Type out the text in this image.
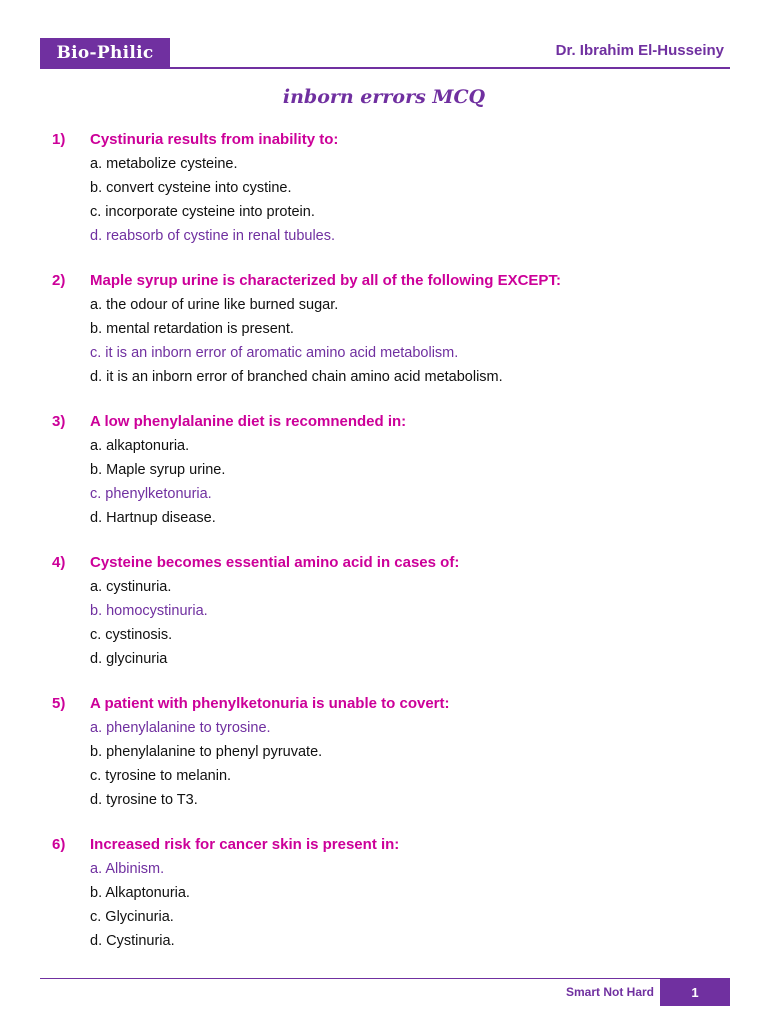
Bio-Philic	Dr. Ibrahim El-Husseiny
inborn errors MCQ
1)	Cystinuria results from inability to:
a. metabolize cysteine.
b. convert cysteine into cystine.
c. incorporate cysteine into protein.
d. reabsorb of cystine in renal tubules.
2)	Maple syrup urine is characterized by all of the following EXCEPT:
a. the odour of urine like burned sugar.
b. mental retardation is present.
c. it is an inborn error of aromatic amino acid metabolism.
d. it is an inborn error of branched chain amino acid metabolism.
3)	A low phenylalanine diet is recomnended in:
a. alkaptonuria.
b. Maple syrup urine.
c. phenylketonuria.
d. Hartnup disease.
4)	Cysteine becomes essential amino acid in cases of:
a. cystinuria.
b. homocystinuria.
c. cystinosis.
d. glycinuria
5)	A patient with phenylketonuria is unable to covert:
a. phenylalanine to tyrosine.
b. phenylalanine to phenyl pyruvate.
c. tyrosine to melanin.
d. tyrosine to T3.
6)	Increased risk for cancer skin is present in:
a. Albinism.
b. Alkaptonuria.
c. Glycinuria.
d. Cystinuria.
Smart Not Hard	1
